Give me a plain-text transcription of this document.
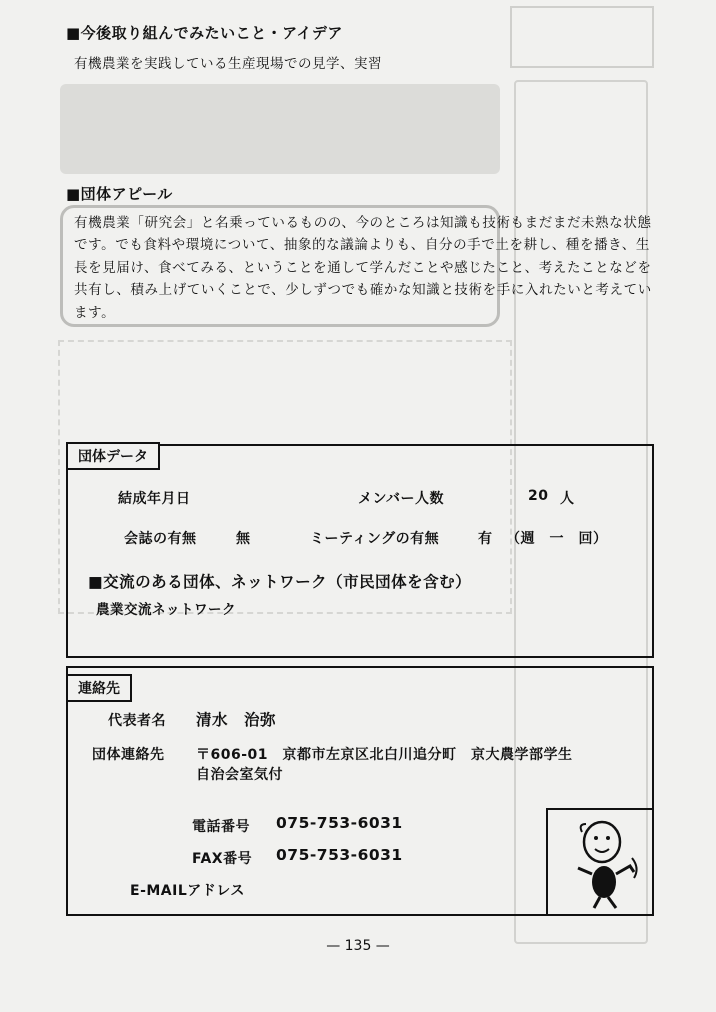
■今後取り組んでみたいこと・アイデア
有機農業を実践している生産現場での見学、実習
■団体アピール
有機農業「研究会」と名乗っているものの、今のところは知識も技術もまだまだ未熟な状態です。でも食料や環境について、抽象的な議論よりも、自分の手で土を耕し、種を播き、生長を見届け、食べてみる、ということを通して学んだことや感じたこと、考えたことなどを共有し、積み上げていくことで、少しずつでも確かな知識と技術を手に入れたいと考えています。
団体データ
結成年月日	メンバー人数	20 人
会誌の有無	無	ミーティングの有無	有 （週　一　回）
■交流のある団体、ネットワーク（市民団体を含む）
農業交流ネットワーク
連絡先
代表者名 清水　治弥
団体連絡先 〒606-01　京都市左京区北白川追分町　京大農学部学生
自治会室気付
電話番号 075-753-6031
FAX番号 075-753-6031
E-MAILアドレス
— 135 —
